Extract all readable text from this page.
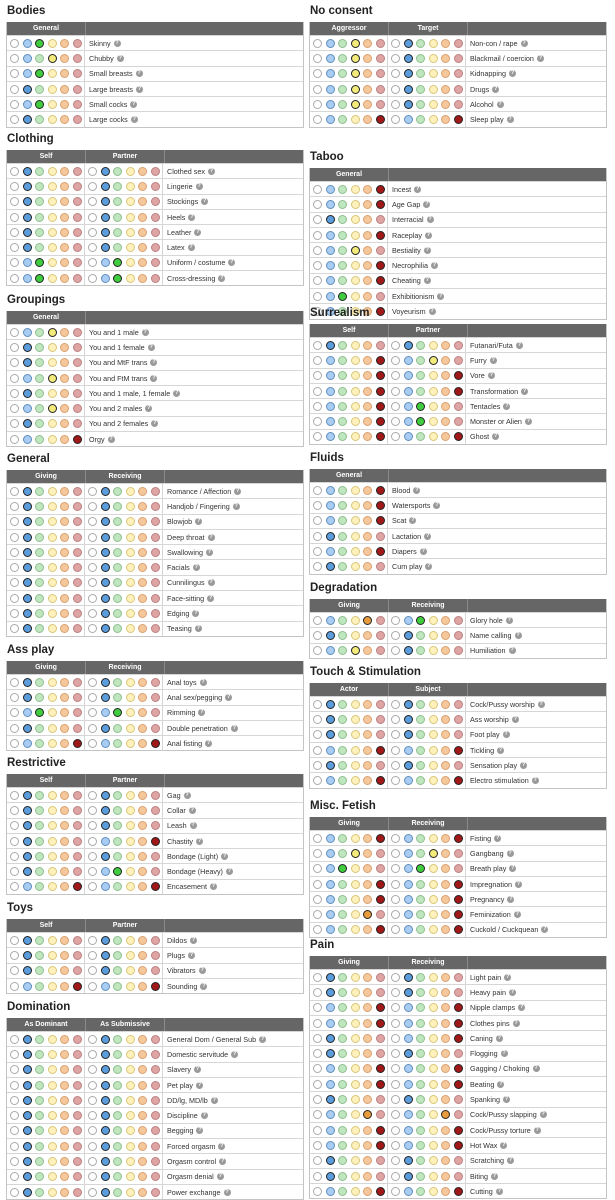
Bodies
General
Skinny ?
Chubby ?
Small breasts ?
Large breasts ?
Small cocks ?
Large cocks ?
Clothing
Self	Partner
Clothed sex ?
Lingerie ?
Stockings ?
Heels ?
Leather ?
Latex ?
Uniform / costume ?
Cross-dressing ?
Groupings
General
You and 1 male ?
You and 1 female ?
You and MtF trans ?
You and FtM trans ?
You and 1 male, 1 female ?
You and 2 males ?
You and 2 females ?
Orgy ?
General
Giving	Receiving
Romance / Affection ?
Handjob / Fingering ?
Blowjob ?
Deep throat ?
Swallowing ?
Facials ?
Cunnilingus ?
Face-sitting ?
Edging ?
Teasing ?
Ass play
Giving	Receiving
Anal toys ?
Anal sex/pegging ?
Rimming ?
Double penetration ?
Anal fisting ?
Restrictive
Self	Partner
Gag ?
Collar ?
Leash ?
Chastity ?
Bondage (Light) ?
Bondage (Heavy) ?
Encasement ?
Toys
Self	Partner
Dildos ?
Plugs ?
Vibrators ?
Sounding ?
Domination
As Dominant	As Submissive
General Dom / General Sub ?
Domestic servitude ?
Slavery ?
Pet play ?
DD/lg, MD/lb ?
Discipline ?
Begging ?
Forced orgasm ?
Orgasm control ?
Orgasm denial ?
Power exchange ?
No consent
Aggressor	Target
Non-con / rape ?
Blackmail / coercion ?
Kidnapping ?
Drugs ?
Alcohol ?
Sleep play ?
Taboo
General
Incest ?
Age Gap ?
Interracial ?
Raceplay ?
Bestiality ?
Necrophilia ?
Cheating ?
Exhibitionism ?
Voyeurism ?
Surrealism
Self	Partner
Futanari/Futa ?
Furry ?
Vore ?
Transformation ?
Tentacles ?
Monster or Alien ?
Ghost ?
Fluids
General
Blood ?
Watersports ?
Scat ?
Lactation ?
Diapers ?
Cum play ?
Degradation
Giving	Receiving
Glory hole ?
Name calling ?
Humiliation ?
Touch & Stimulation
Actor	Subject
Cock/Pussy worship ?
Ass worship ?
Foot play ?
Tickling ?
Sensation play ?
Electro stimulation ?
Misc. Fetish
Giving	Receiving
Fisting ?
Gangbang ?
Breath play ?
Impregnation ?
Pregnancy ?
Feminization ?
Cuckold / Cuckquean ?
Pain
Giving	Receiving
Light pain ?
Heavy pain ?
Nipple clamps ?
Clothes pins ?
Caning ?
Flogging ?
Gagging / Choking ?
Beating ?
Spanking ?
Cock/Pussy slapping ?
Cock/Pussy torture ?
Hot Wax ?
Scratching ?
Biting ?
Cutting ?
